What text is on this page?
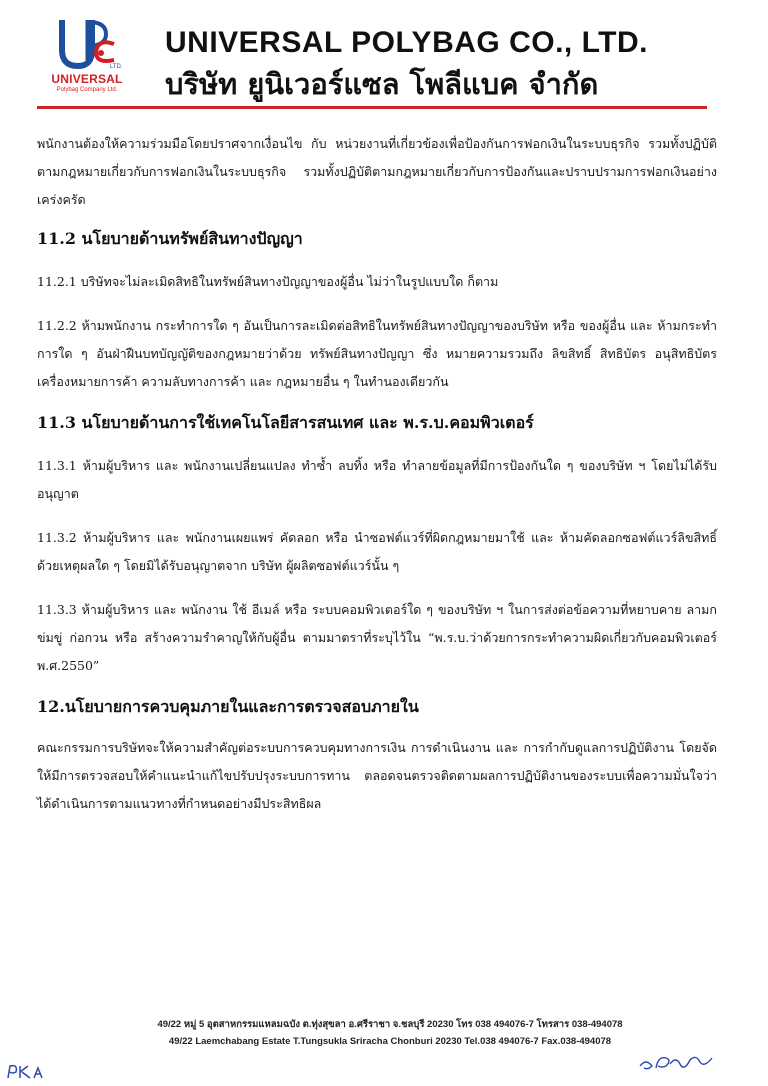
LTD.
UNIVERSAL
Polybag Company Ltd.
UNIVERSAL POLYBAG CO., LTD.
บริษัท ยูนิเวอร์แซล โพลีแบค จำกัด

พนักงานต้องให้ความร่วมมือโดยปราศจากเงื่อนไข กับ หน่วยงานที่เกี่ยวข้องเพื่อป้องกันการฟอกเงินในระบบธุรกิจ รวมทั้งปฏิบัติตามกฎหมายเกี่ยวกับการฟอกเงินในระบบธุรกิจ รวมทั้งปฏิบัติตามกฎหมายเกี่ยวกับการป้องกันและปราบปรามการฟอกเงินอย่างเคร่งครัด

11.2 นโยบายด้านทรัพย์สินทางปัญญา

11.2.1 บริษัทจะไม่ละเมิดสิทธิในทรัพย์สินทางปัญญาของผู้อื่น ไม่ว่าในรูปแบบใด ก็ตาม

11.2.2 ห้ามพนักงาน กระทำการใด ๆ อันเป็นการละเมิดต่อสิทธิในทรัพย์สินทางปัญญาของบริษัท หรือ ของผู้อื่น และ ห้ามกระทำการใด ๆ อันฝ่าฝืนบทบัญญัติของกฎหมายว่าด้วย ทรัพย์สินทางปัญญา ซึ่ง หมายความรวมถึง ลิขสิทธิ์ สิทธิบัตร อนุสิทธิบัตร เครื่องหมายการค้า ความลับทางการค้า และ กฎหมายอื่น ๆ ในทำนองเดียวกัน

11.3 นโยบายด้านการใช้เทคโนโลยีสารสนเทศ และ พ.ร.บ.คอมพิวเตอร์

11.3.1 ห้ามผู้บริหาร และ พนักงานเปลี่ยนแปลง ทำซ้ำ ลบทิ้ง หรือ ทำลายข้อมูลที่มีการป้องกันใด ๆ ของบริษัท ฯ โดยไม่ได้รับอนุญาต

11.3.2 ห้ามผู้บริหาร และ พนักงานเผยแพร่ คัดลอก หรือ นำซอฟต์แวร์ที่ผิดกฎหมายมาใช้ และ ห้ามคัดลอกซอฟต์แวร์ลิขสิทธิ์ด้วยเหตุผลใด ๆ โดยมิได้รับอนุญาตจาก บริษัท ผู้ผลิตซอฟต์แวร์นั้น ๆ

11.3.3 ห้ามผู้บริหาร และ พนักงาน ใช้ อีเมล์ หรือ ระบบคอมพิวเตอร์ใด ๆ ของบริษัท ฯ ในการส่งต่อข้อความที่หยาบคาย ลามก ข่มขู่ ก่อกวน หรือ สร้างความรำคาญให้กับผู้อื่น ตามมาตราที่ระบุไว้ใน “พ.ร.บ.ว่าด้วยการกระทำความผิดเกี่ยวกับคอมพิวเตอร์ พ.ศ.2550”

12.นโยบายการควบคุมภายในและการตรวจสอบภายใน

คณะกรรมการบริษัทจะให้ความสำคัญต่อระบบการควบคุมทางการเงิน การดำเนินงาน และ การกำกับดูแลการปฏิบัติงาน โดยจัดให้มีการตรวจสอบให้คำแนะนำแก้ไขปรับปรุงระบบการทาน ตลอดจนตรวจติดตามผลการปฏิบัติงานของระบบเพื่อความมั่นใจว่าได้ดำเนินการตามแนวทางที่กำหนดอย่างมีประสิทธิผล

49/22 หมู่ 5 อุตสาหกรรมแหลมฉบัง ต.ทุ่งสุขลา อ.ศรีราชา จ.ชลบุรี 20230 โทร 038 494076-7 โทรสาร 038-494078
49/22 Laemchabang Estate T.Tungsukla Sriracha Chonburi 20230 Tel.038 494076-7 Fax.038-494078
